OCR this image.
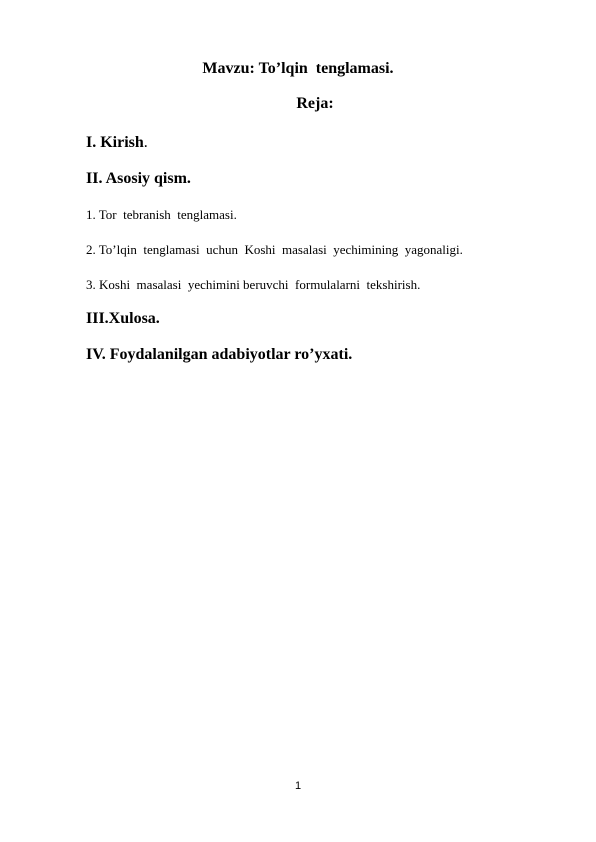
Mavzu: To’lqin  tenglamasi.
Reja:
I. Kirish.
II. Asosiy qism.
1. Tor  tebranish  tenglamasi.
2. To’lqin  tenglamasi  uchun  Koshi  masalasi  yechimining  yagonaligi.
3. Koshi  masalasi  yechimini beruvchi  formulalarni  tekshirish.
III.Xulosa.
IV. Foydalanilgan adabiyotlar ro’yxati.
1
